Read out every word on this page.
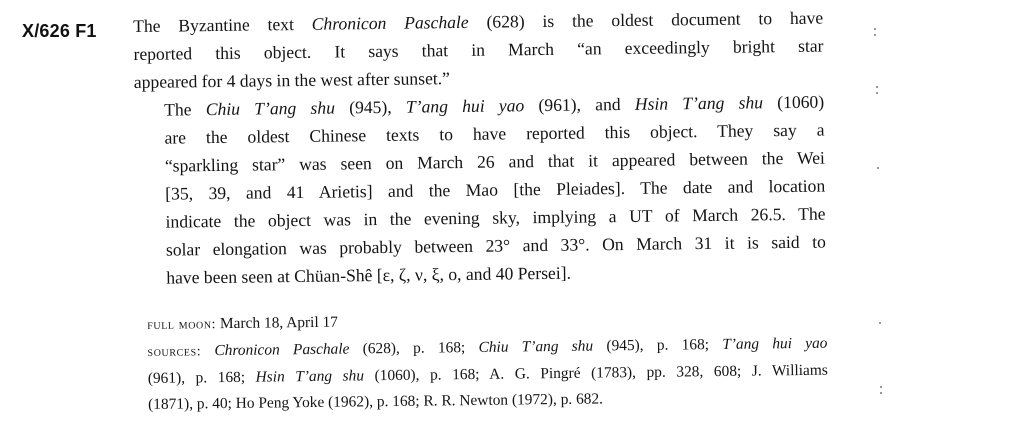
X/626 F1 The Byzantine text Chronicon Paschale (628) is the oldest document to have
reported this object. It says that in March “an exceedingly bright star
appeared for 4 days in the west after sunset.”

The Chiu T’ang shu (945), T’ang hui yao (961), and Hsin T’ang shu (1060)
are the oldest Chinese texts to have reported this object. They say a
“sparkling star” was seen on March 26 and that it appeared between the Wei
[35, 39, and 41 Arietis] and the Mao [the Pleiades]. The date and location
indicate the object was in the evening sky, implying a UT of March 26.5. The
solar elongation was probably between 23° and 33°. On March 31 it is said to
have been seen at Chüan-Shê [ε, ζ, ν, ξ, o, and 40 Persei].

full moon: March 18, April 17
sources: Chronicon Paschale (628), p. 168; Chiu T’ang shu (945), p. 168; T’ang hui yao
(961), p. 168; Hsin T’ang shu (1060), p. 168; A. G. Pingré (1783), pp. 328, 608; J. Williams
(1871), p. 40; Ho Peng Yoke (1962), p. 168; R. R. Newton (1972), p. 682.
